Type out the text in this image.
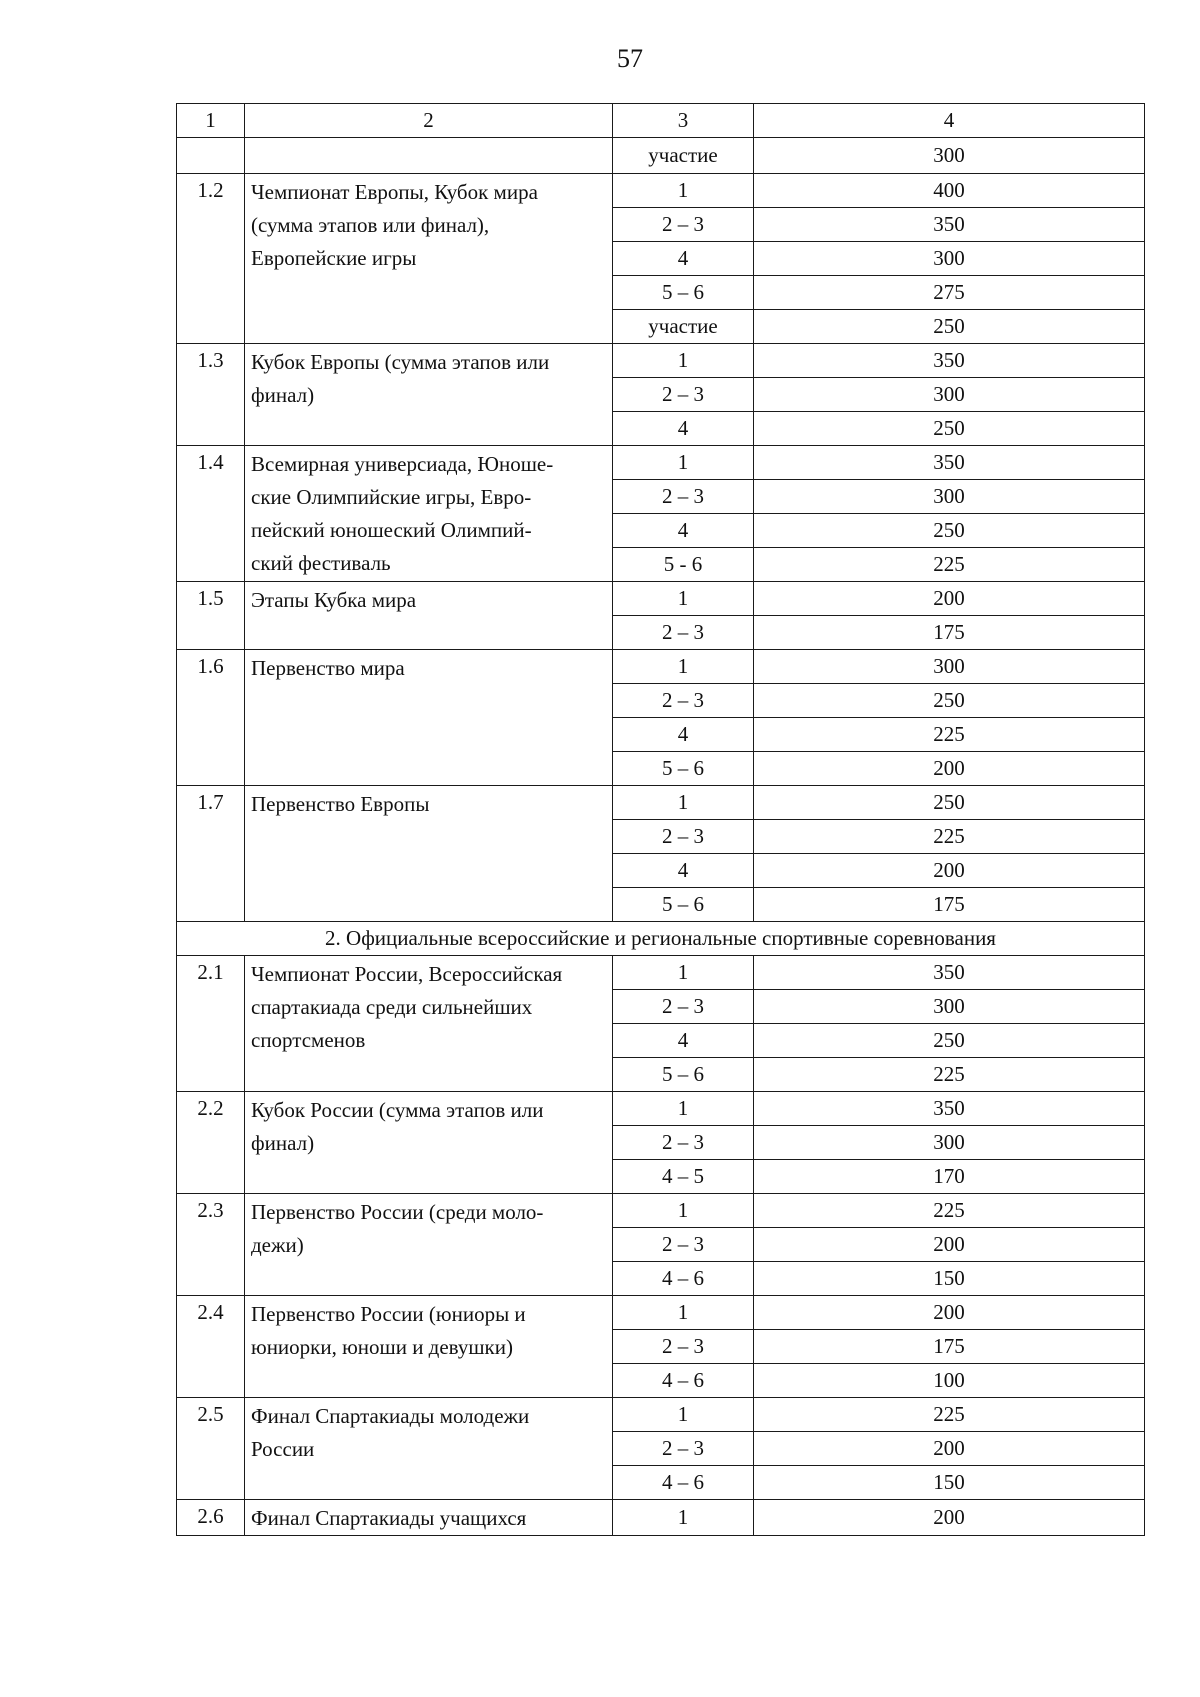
57
1	2	3	4
		участие	300
1.2	Чемпионат Европы, Кубок мира
(сумма этапов или финал),
Европейские игры	1	400
		2 – 3	350
		4	300
		5 – 6	275
		участие	250
1.3	Кубок Европы (сумма этапов или
финал)	1	350
		2 – 3	300
		4	250
1.4	Всемирная универсиада, Юноше-
ские Олимпийские игры, Евро-
пейский юношеский Олимпий-
ский фестиваль	1	350
		2 – 3	300
		4	250
		5 - 6	225
1.5	Этапы Кубка мира	1	200
		2 – 3	175
1.6	Первенство мира	1	300
		2 – 3	250
		4	225
		5 – 6	200
1.7	Первенство Европы	1	250
		2 – 3	225
		4	200
		5 – 6	175
2. Официальные всероссийские и региональные спортивные соревнования			
2.1	Чемпионат России, Всероссийская
спартакиада среди сильнейших
спортсменов	1	350
		2 – 3	300
		4	250
		5 – 6	225
2.2	Кубок России (сумма этапов или
финал)	1	350
		2 – 3	300
		4 – 5	170
2.3	Первенство России (среди моло-
дежи)	1	225
		2 – 3	200
		4 – 6	150
2.4	Первенство России (юниоры и
юниорки, юноши и девушки)	1	200
		2 – 3	175
		4 – 6	100
2.5	Финал Спартакиады молодежи
России	1	225
		2 – 3	200
		4 – 6	150
2.6	Финал Спартакиады учащихся	1	200
